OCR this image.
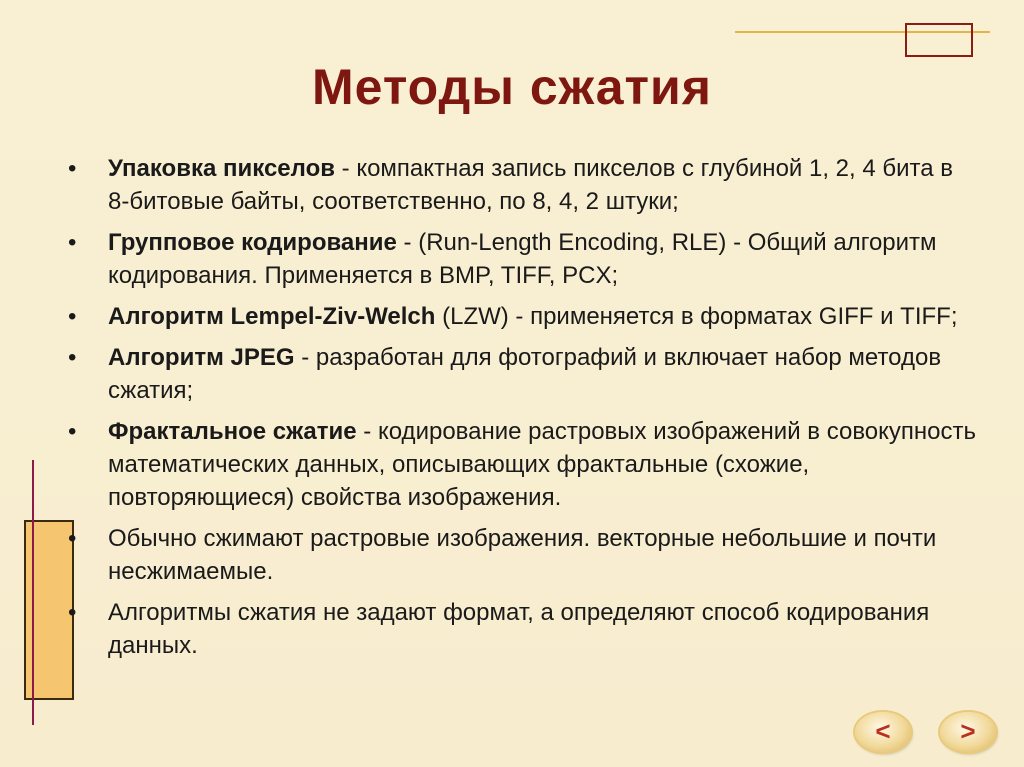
Методы сжатия
•	Упаковка пикселов - компактная запись пикселов с глубиной 1, 2, 4 бита в 8-битовые байты, соответственно, по 8, 4, 2 штуки;
•	Групповое кодирование - (Run-Length Encoding, RLE) - Общий алгоритм кодирования. Применяется в BMP, TIFF, PCX;
•	Алгоритм Lempel-Ziv-Welch (LZW) - применяется в форматах GIFF и TIFF;
•	Алгоритм JPEG - разработан для фотографий и включает набор методов сжатия;
•	Фрактальное сжатие - кодирование растровых изображений в совокупность математических данных, описывающих фрактальные (схожие, повторяющиеся) свойства изображения.
•	Обычно сжимают растровые изображения. векторные небольшие и почти несжимаемые.
•	Алгоритмы сжатия не задают формат, а определяют способ кодирования данных.
<	>
